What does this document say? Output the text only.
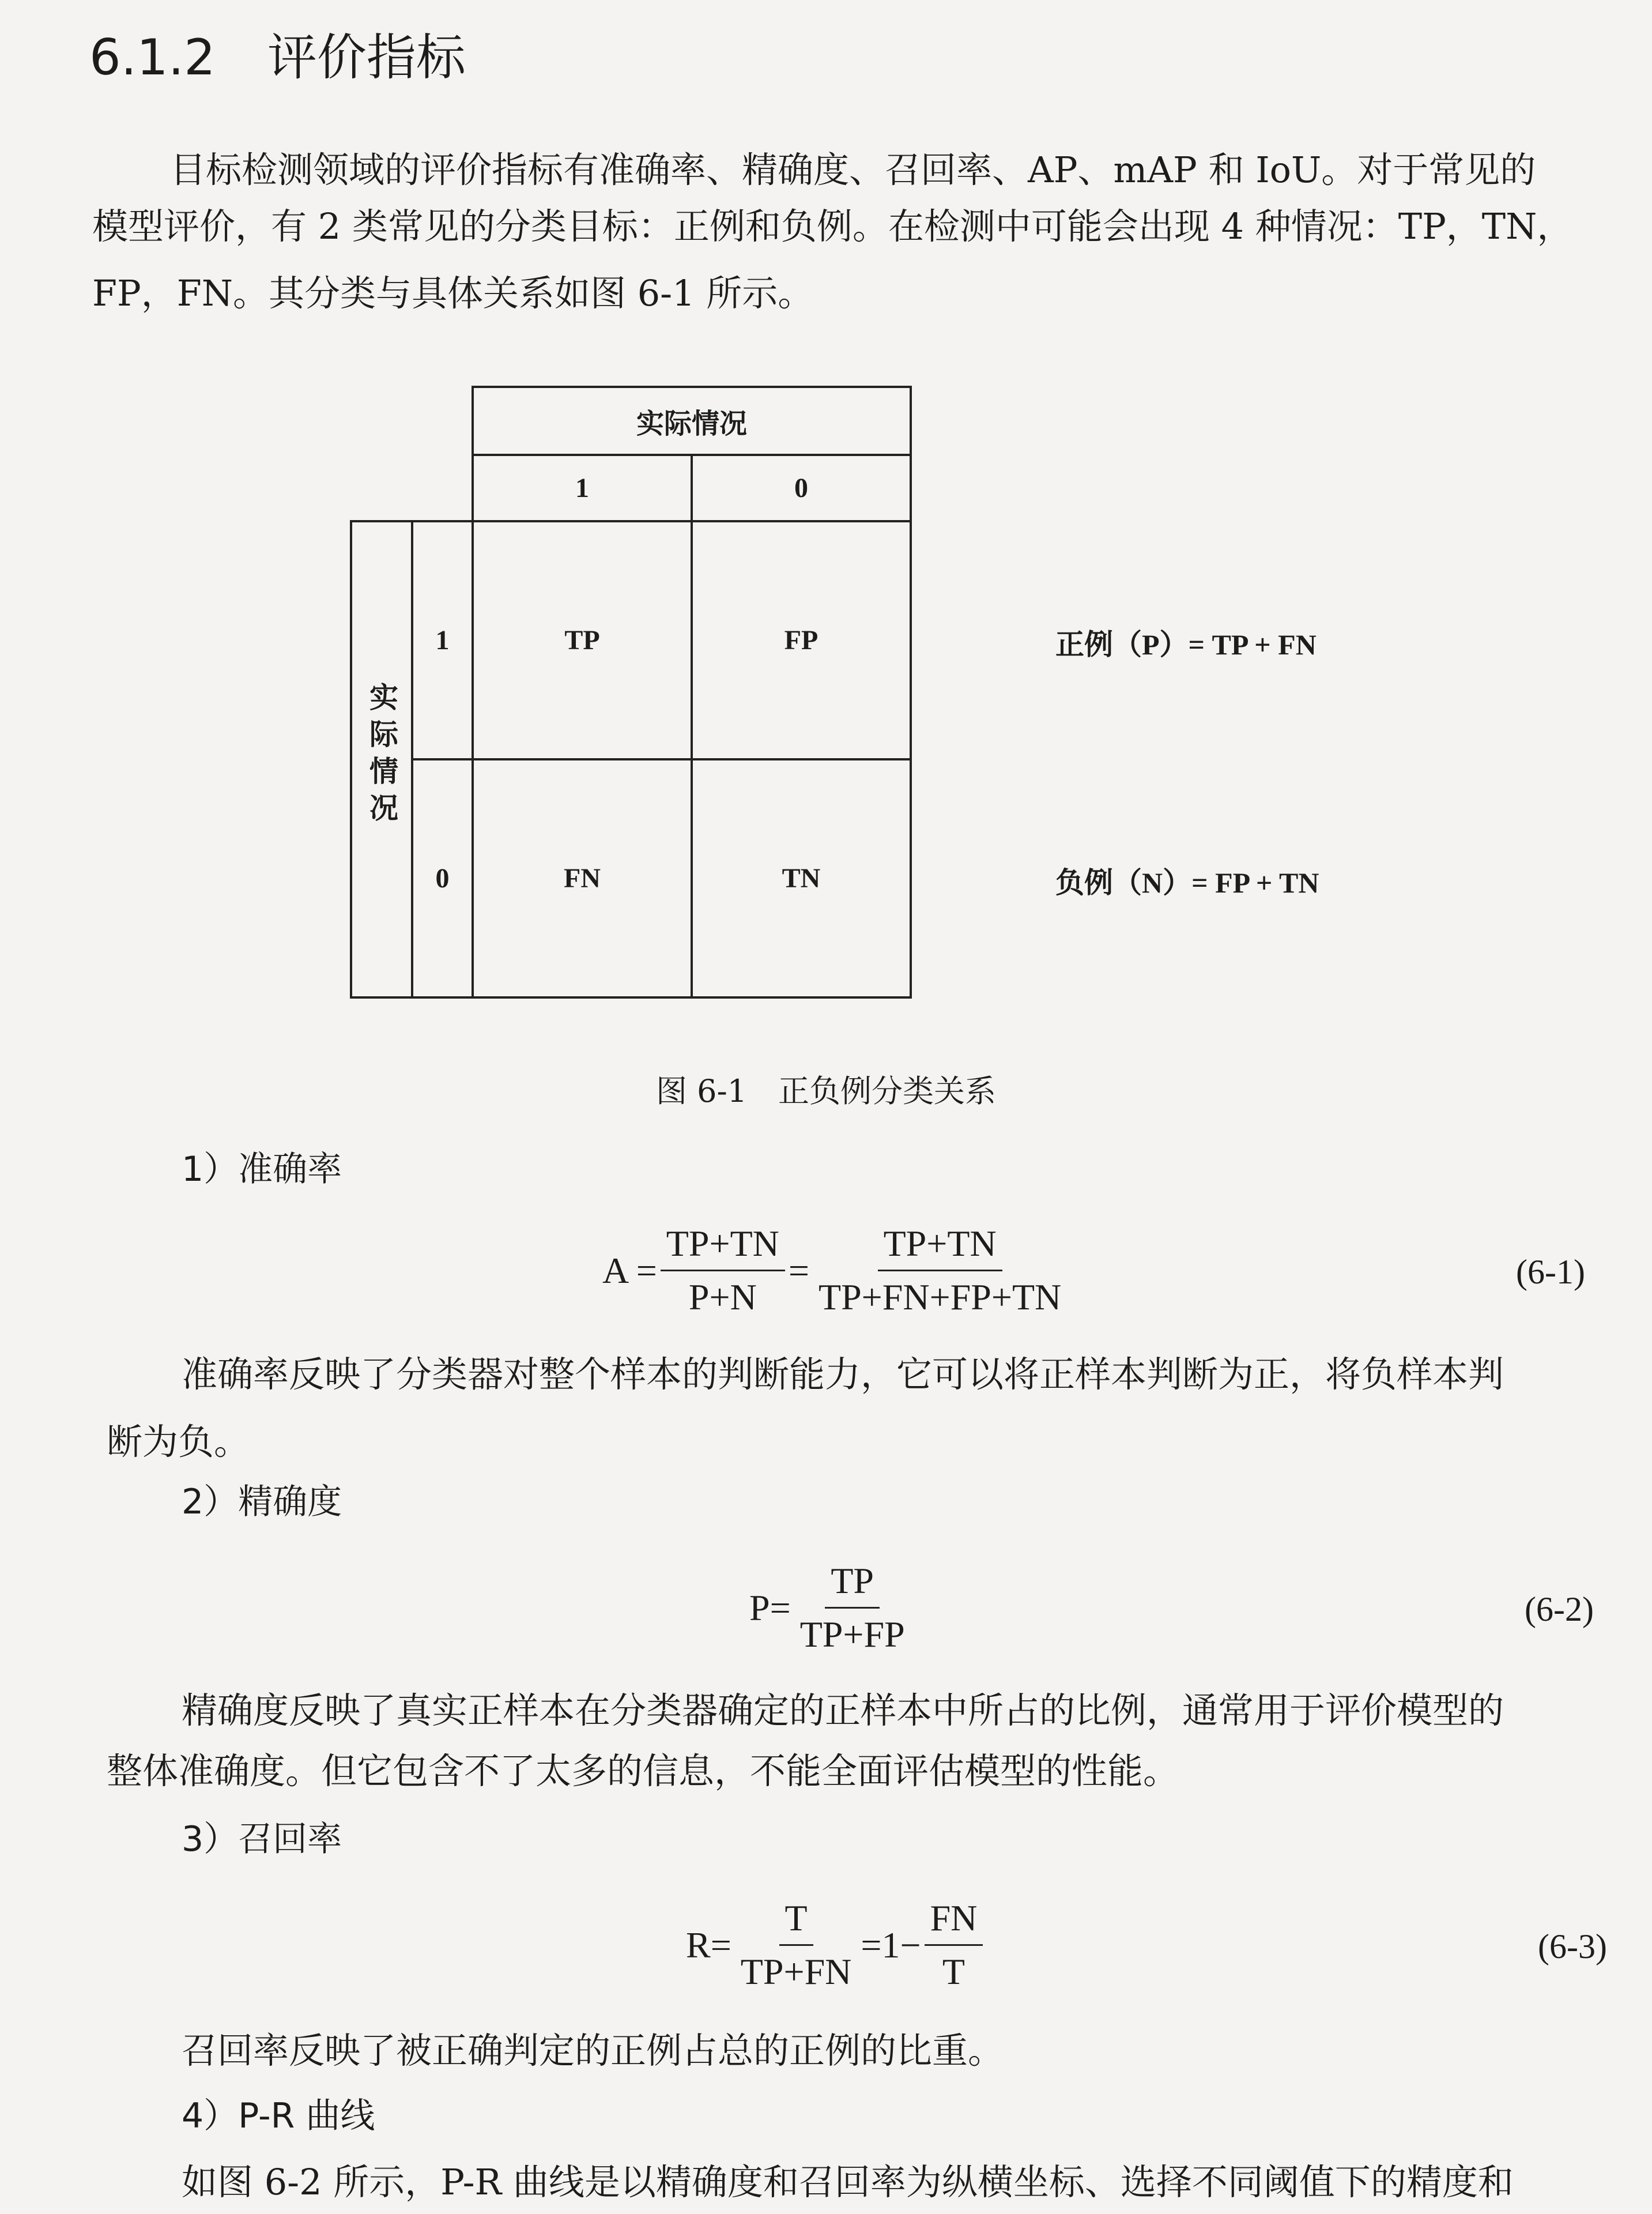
6.1.2 评价指标
目标检测领域的评价指标有准确率、精确度、召回率、AP、mAP 和 IoU。对于常见的
模型评价，有 2 类常见的分类目标：正例和负例。在检测中可能会出现 4 种情况：TP，TN，
FP，FN。其分类与具体关系如图 6-1 所示。
		实际情况	
		1	0
实际情况	1	TP	FP
	0	FN	TN
正例（P）= TP + FN
负例（N）= FP + TN
图 6-1　正负例分类关系
1）准确率
$A = \frac{TP+TN}{P+N} = \frac{TP+TN}{TP+FN+FP+TN}$	(6-1)
准确率反映了分类器对整个样本的判断能力，它可以将正样本判断为正，将负样本判
断为负。
2）精确度
$P= \frac{TP}{TP+FP}$	(6-2)
精确度反映了真实正样本在分类器确定的正样本中所占的比例，通常用于评价模型的
整体准确度。但它包含不了太多的信息，不能全面评估模型的性能。
3）召回率
$R= \frac{T}{TP+FN} =1- \frac{FN}{T}$	(6-3)
召回率反映了被正确判定的正例占总的正例的比重。
4）P-R 曲线
如图 6-2 所示，P-R 曲线是以精确度和召回率为纵横坐标、选择不同阈值下的精度和
